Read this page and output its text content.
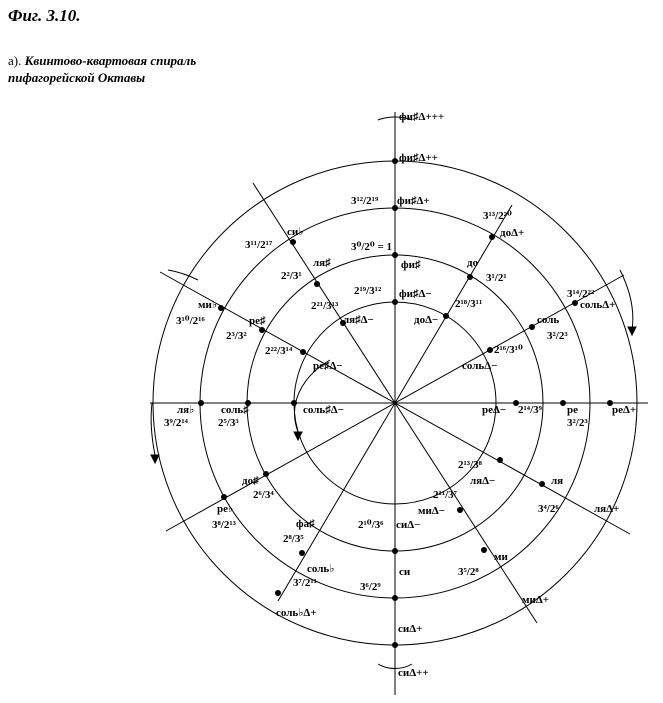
Фиг. 3.10.
а). Квинтово-квартовая спираль
пифагорейской Октавы
фи♯Δ+++
фи♯Δ++
3¹²/2¹⁹ фи♯Δ+
3⁰/2⁰ = 1
фи♯
2¹⁹/3¹² фи♯Δ−
си♭
3¹¹/2¹⁷
ля♯
2²/3¹
2²¹/3¹³
ля♯Δ−
ми♭
3¹⁰/2¹⁶	ре♯
2³/3²
2²²/3¹⁴
ре♯Δ−
3¹³/2²⁰
доΔ+
до
3¹/2¹
2¹⁸/3¹¹
доΔ−
3¹⁴/2²²
сольΔ+
соль
3²/2³
2¹⁶/3¹⁰
сольΔ−
ля♭
3⁹/2¹⁴
соль♯
2⁵/3³
соль♯Δ−	реΔ− 2¹⁴/3⁹ ре
3²/2³
реΔ+
до♯
2⁶/3⁴
ре♭
3⁸/2¹³
2¹³/3⁸
ляΔ−	ля
3⁴/2⁶	ляΔ+
фа♯
2⁸/3⁵
соль♭
3⁷/2¹¹
соль♭Δ+
2¹⁰/3⁶ сиΔ−
си
3⁶/2⁹
сиΔ+
сиΔ++
2¹¹/3⁷
миΔ−
ми
3⁵/2⁸
миΔ+
